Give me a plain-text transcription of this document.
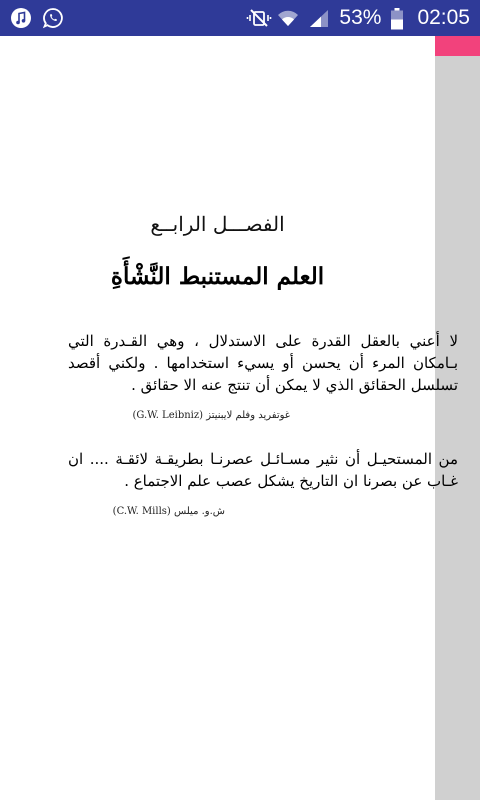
53% 02:05
الفصـــل الرابــع
العلم المستنبط النَّشْأَةِ
لا أعني بالعقل القدرة على الاستدلال ، وهي القـدرة التي بـامكان المرء أن يحسن أو يسيء استخدامها . ولكني أقصد تسلسل الحقائق الذي لا يمكن أن تنتج عنه الا حقائق .
غوتفريد وفلم لايبنيتز (G.W. Leibniz)
من المستحيـل أن نثير مسـائـل عصرنـا بطريقـة لائقـة .... ان غـاب عن بصرنا ان التاريخ يشكل عصب علم الاجتماع .
ش.و. ميلس (C.W. Mills)
